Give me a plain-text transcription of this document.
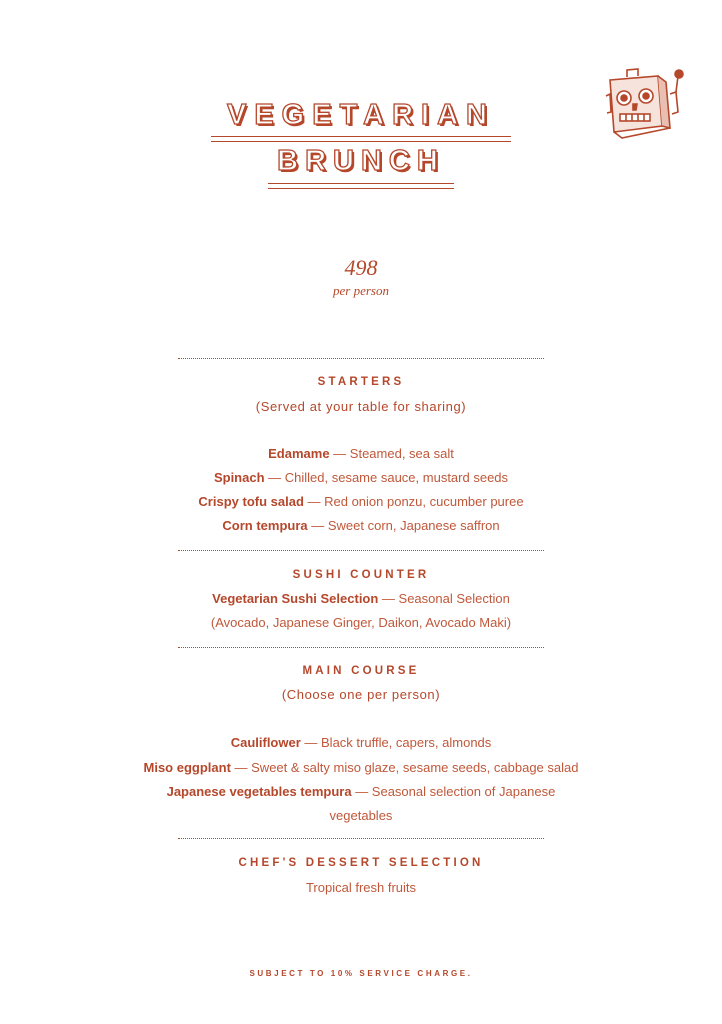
VEGETARIAN
BRUNCH
498
per person
STARTERS
(Served at your table for sharing)
Edamame — Steamed, sea salt
Spinach — Chilled, sesame sauce, mustard seeds
Crispy tofu salad — Red onion ponzu, cucumber puree
Corn tempura — Sweet corn, Japanese saffron
SUSHI COUNTER
Vegetarian Sushi Selection — Seasonal Selection
(Avocado, Japanese Ginger, Daikon, Avocado Maki)
MAIN COURSE
(Choose one per person)
Cauliflower — Black truffle, capers, almonds
Miso eggplant — Sweet & salty miso glaze, sesame seeds, cabbage salad
Japanese vegetables tempura — Seasonal selection of Japanese
vegetables
CHEF'S DESSERT SELECTION
Tropical fresh fruits
SUBJECT TO 10% SERVICE CHARGE.
